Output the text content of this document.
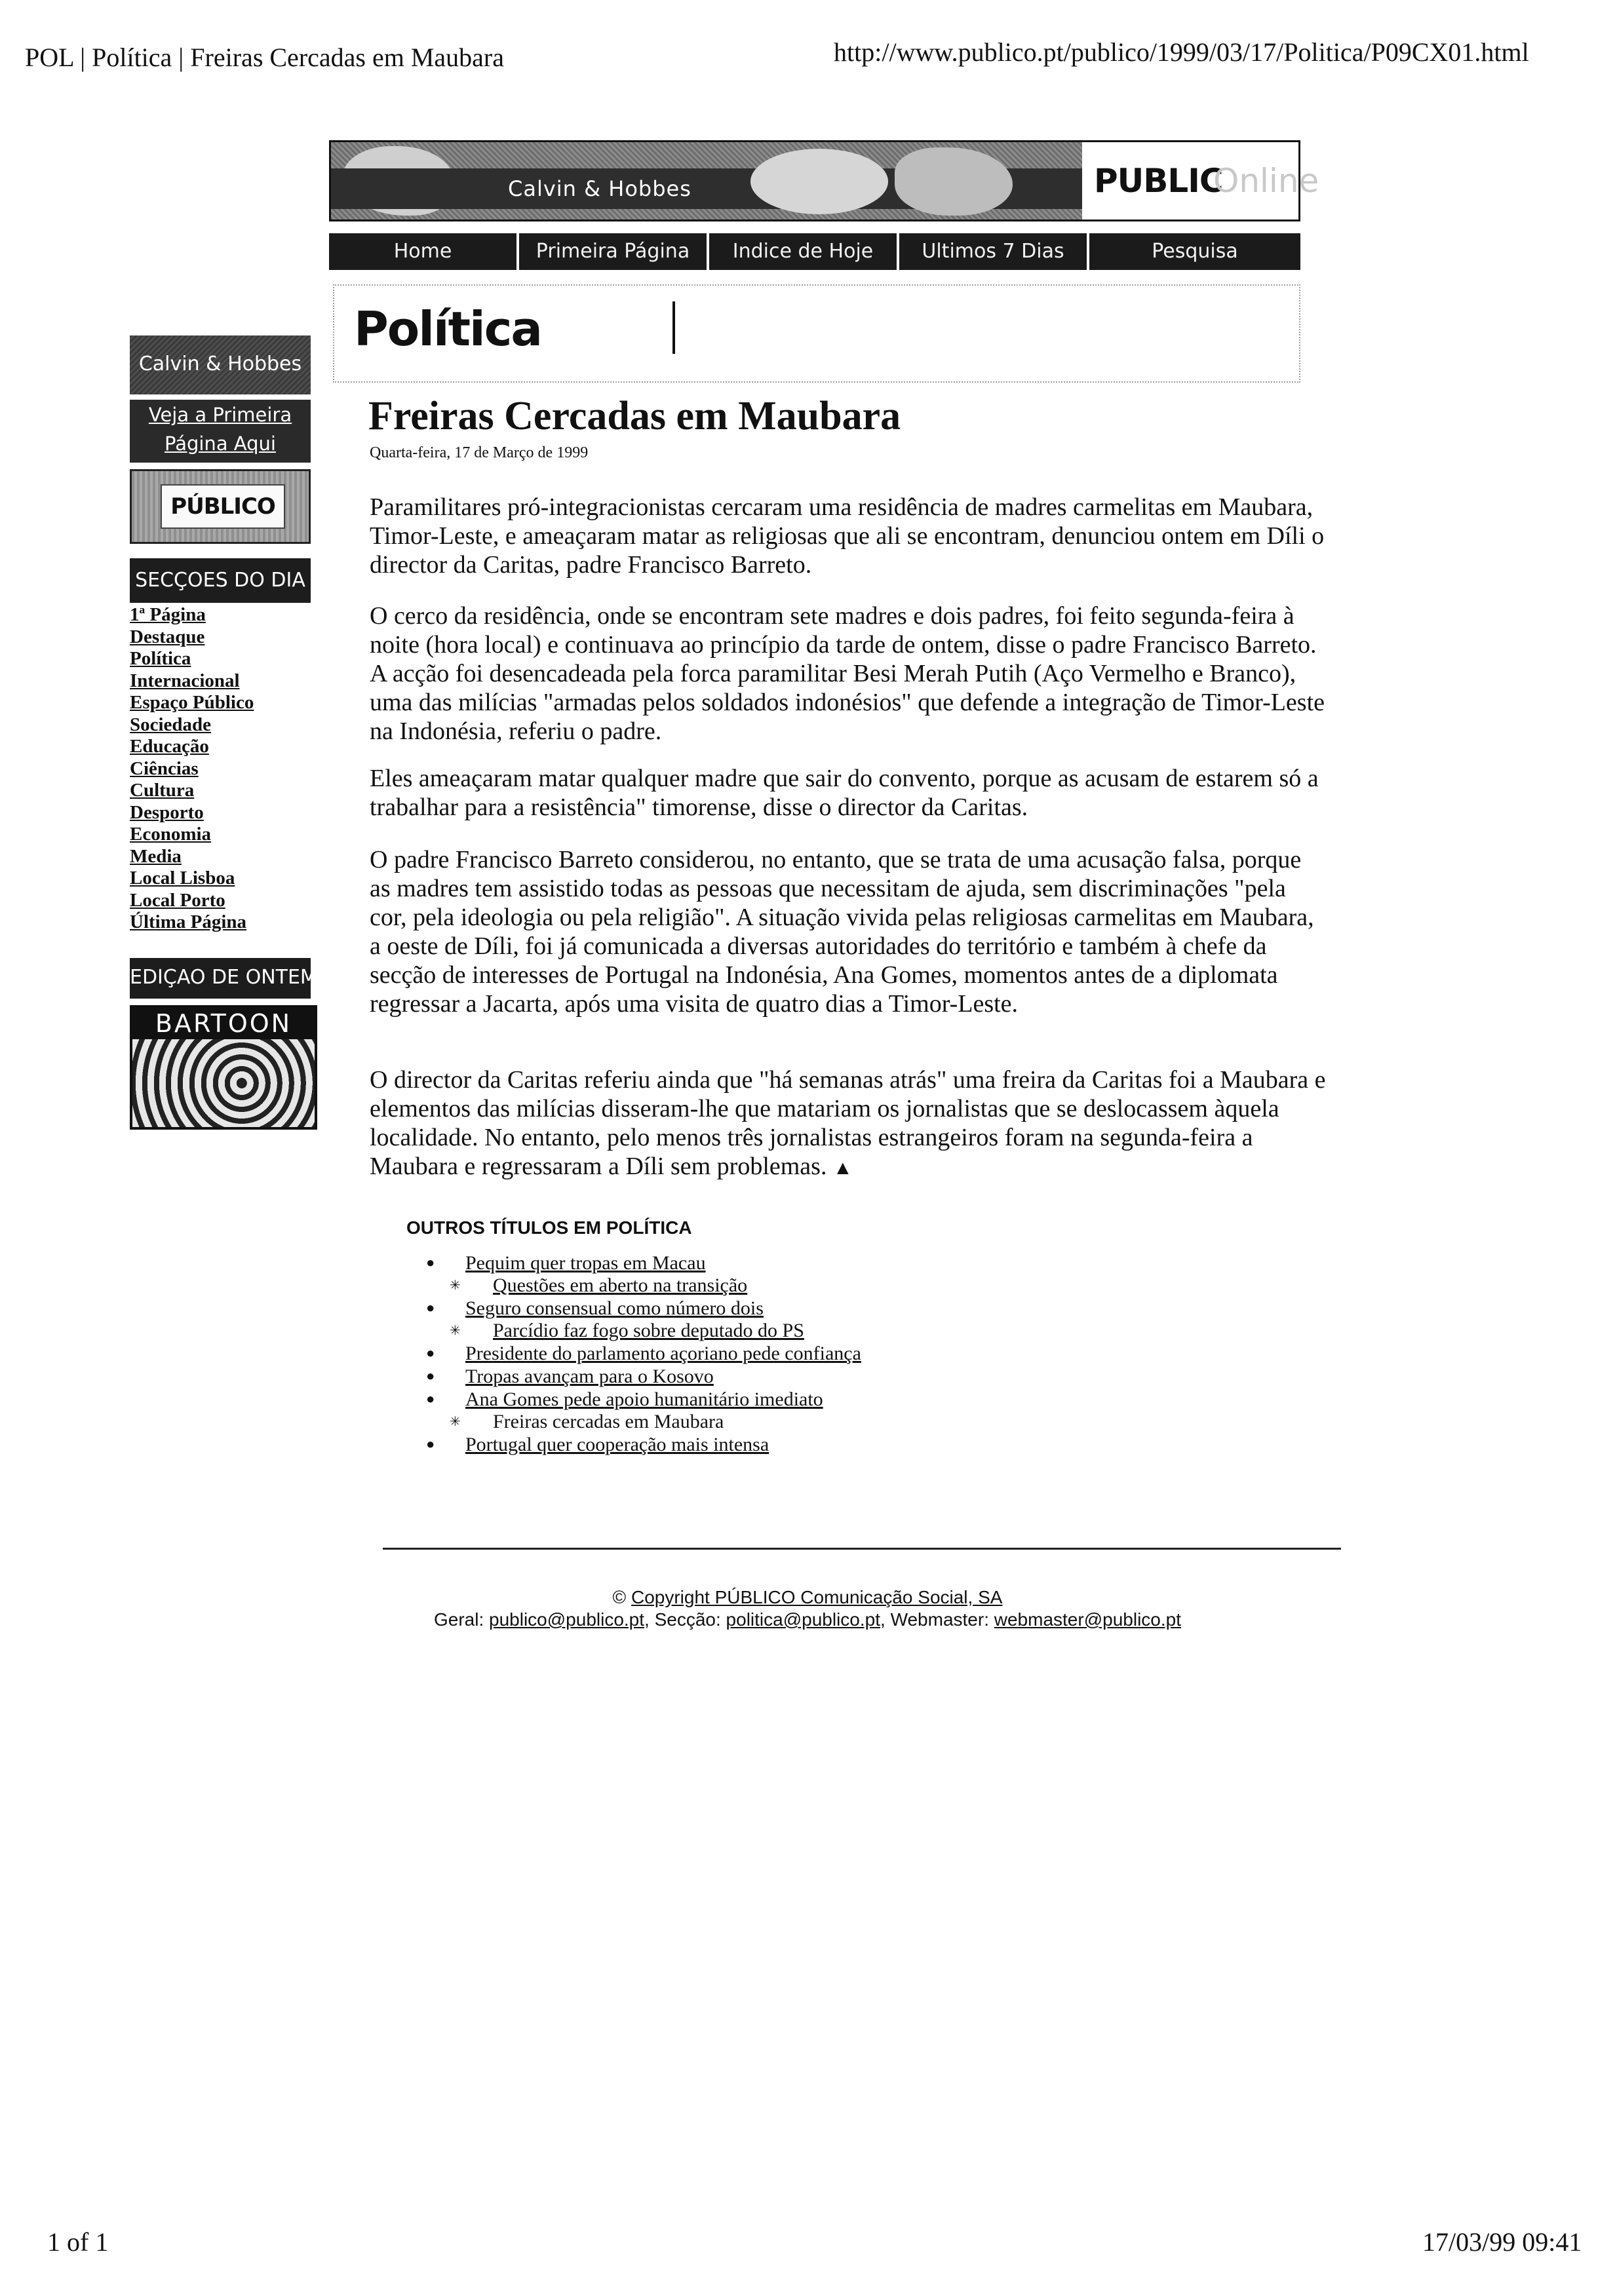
POL | Política | Freiras Cercadas em Maubara	http://www.publico.pt/publico/1999/03/17/Politica/P09CX01.html
Calvin & Hobbes	PUBLIC
Online
Home	Primeira Página	Indice de Hoje	Ultimos 7 Dias	Pesquisa
Política
Calvin & Hobbes
Veja a Primeira
Página Aqui
PÚBLICO
SECÇOES DO DIA
1ª Página
Destaque
Política
Internacional
Espaço Público
Sociedade
Educação
Ciências
Cultura
Desporto
Economia
Media
Local Lisboa
Local Porto
Última Página
EDIÇAO DE ONTEM
BARTOON
Freiras Cercadas em Maubara
Quarta-feira, 17 de Março de 1999

Paramilitares pró-integracionistas cercaram uma residência de madres carmelitas em Maubara, Timor-Leste, e ameaçaram matar as religiosas que ali se encontram, denunciou ontem em Díli o director da Caritas, padre Francisco Barreto.

O cerco da residência, onde se encontram sete madres e dois padres, foi feito segunda-feira à noite (hora local) e continuava ao princípio da tarde de ontem, disse o padre Francisco Barreto. A acção foi desencadeada pela forca paramilitar Besi Merah Putih (Aço Vermelho e Branco), uma das milícias "armadas pelos soldados indonésios" que defende a integração de Timor-Leste na Indonésia, referiu o padre.

Eles ameaçaram matar qualquer madre que sair do convento, porque as acusam de estarem só a trabalhar para a resistência" timorense, disse o director da Caritas.

O padre Francisco Barreto considerou, no entanto, que se trata de uma acusação falsa, porque as madres tem assistido todas as pessoas que necessitam de ajuda, sem discriminações "pela cor, pela ideologia ou pela religião". A situação vivida pelas religiosas carmelitas em Maubara, a oeste de Díli, foi já comunicada a diversas autoridades do território e também à chefe da secção de interesses de Portugal na Indonésia, Ana Gomes, momentos antes de a diplomata regressar a Jacarta, após uma visita de quatro dias a Timor-Leste.

O director da Caritas referiu ainda que "há semanas atrás" uma freira da Caritas foi a Maubara e elementos das milícias disseram-lhe que matariam os jornalistas que se deslocassem àquela localidade. No entanto, pelo menos três jornalistas estrangeiros foram na segunda-feira a Maubara e regressaram a Díli sem problemas. ▲

OUTROS TÍTULOS EM POLÍTICA
● Pequim quer tropas em Macau
✳ Questões em aberto na transição
● Seguro consensual como número dois
✳ Parcídio faz fogo sobre deputado do PS
● Presidente do parlamento açoriano pede confiança
● Tropas avançam para o Kosovo
● Ana Gomes pede apoio humanitário imediato
✳ Freiras cercadas em Maubara
● Portugal quer cooperação mais intensa
© Copyright PÚBLICO Comunicação Social, SA
Geral: publico@publico.pt, Secção: politica@publico.pt, Webmaster: webmaster@publico.pt
1 of 1	17/03/99 09:41
